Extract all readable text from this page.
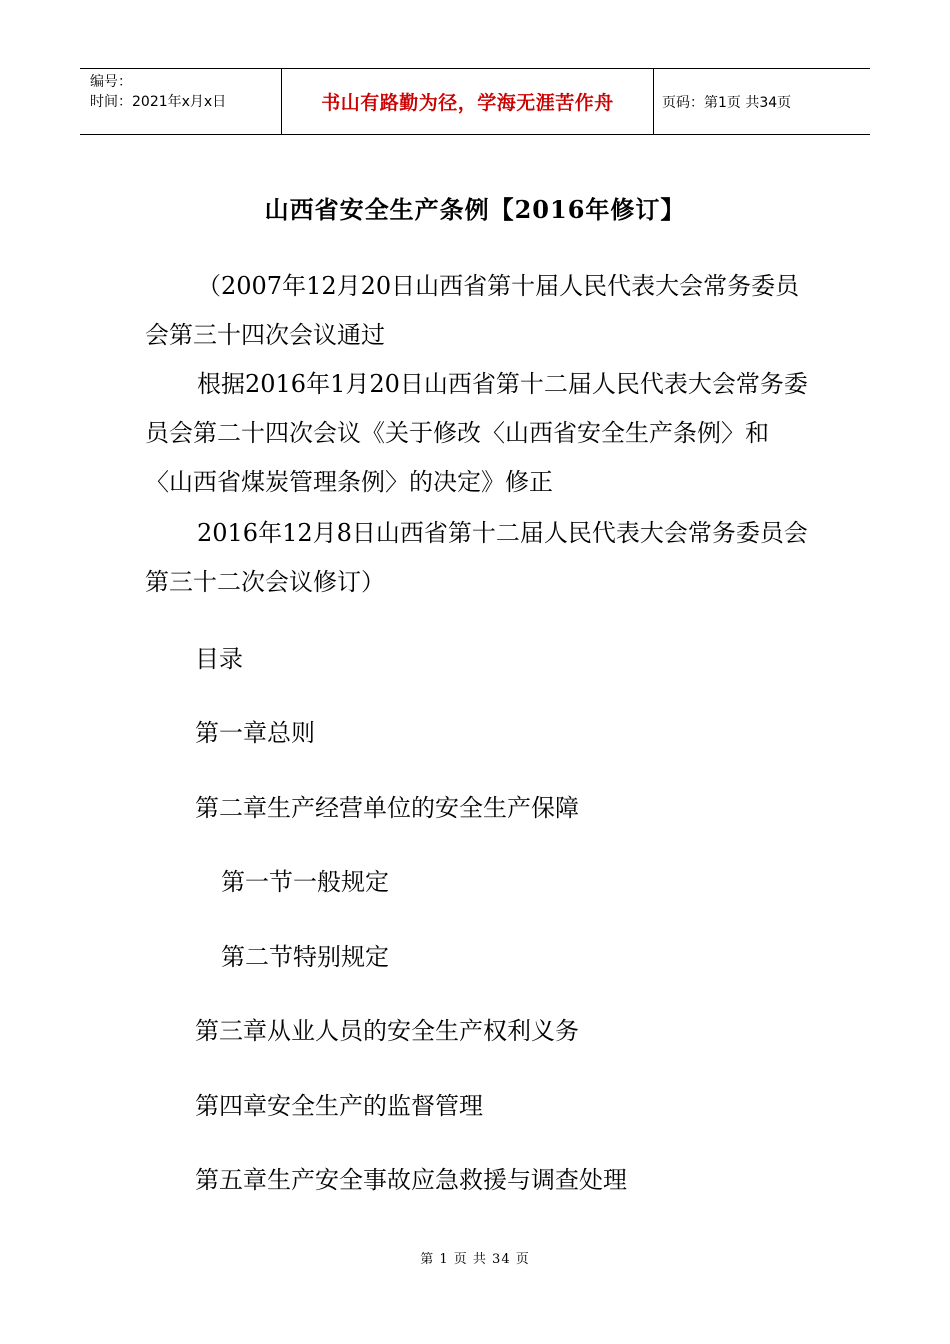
编号：
时间：2021年x月x日	书山有路勤为径，学海无涯苦作舟	页码：第1页 共34页
山西省安全生产条例【2016年修订】
（2007年12月20日山西省第十届人民代表大会常务委员会第三十四次会议通过
根据2016年1月20日山西省第十二届人民代表大会常务委员会第二十四次会议《关于修改〈山西省安全生产条例〉和〈山西省煤炭管理条例〉的决定》修正
2016年12月8日山西省第十二届人民代表大会常务委员会第三十二次会议修订）
目录
第一章总则
第二章生产经营单位的安全生产保障
第一节一般规定
第二节特别规定
第三章从业人员的安全生产权利义务
第四章安全生产的监督管理
第五章生产安全事故应急救援与调查处理
第 1 页 共 34 页
